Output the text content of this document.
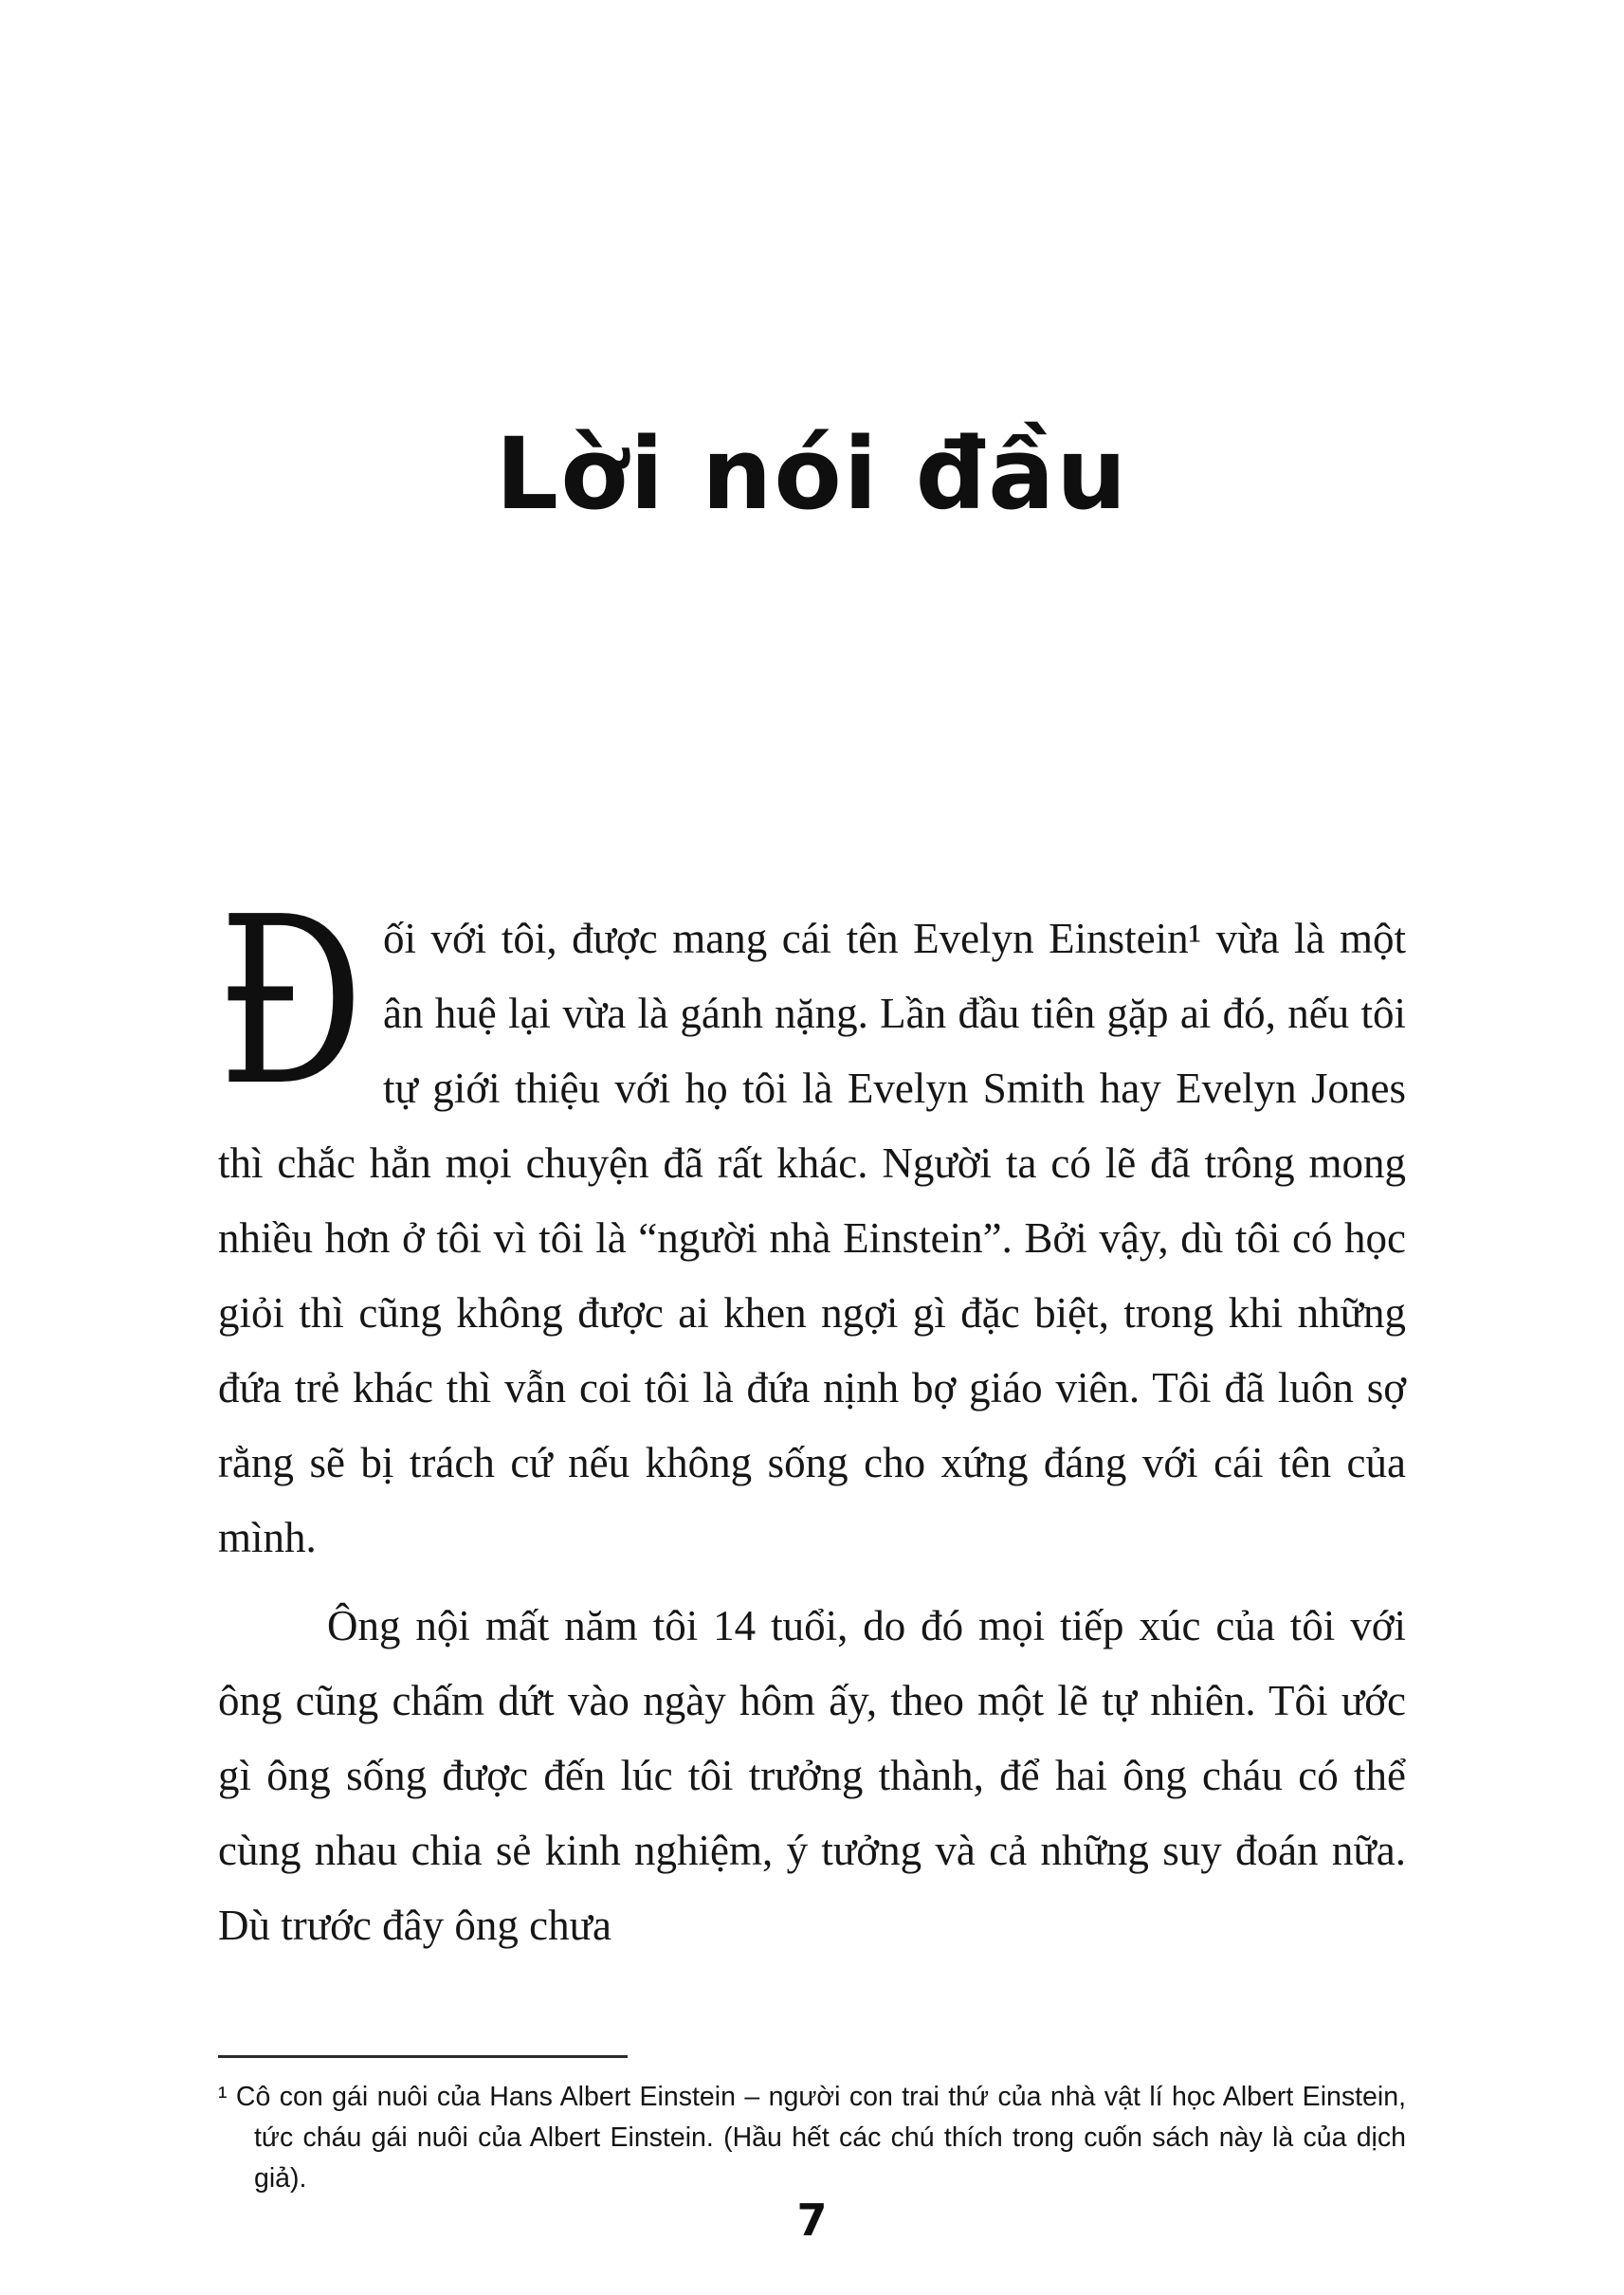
Lời nói đầu

Đối với tôi, được mang cái tên Evelyn Einstein¹ vừa là một ân huệ lại vừa là gánh nặng. Lần đầu tiên gặp ai đó, nếu tôi tự giới thiệu với họ tôi là Evelyn Smith hay Evelyn Jones thì chắc hẳn mọi chuyện đã rất khác. Người ta có lẽ đã trông mong nhiều hơn ở tôi vì tôi là “người nhà Einstein”. Bởi vậy, dù tôi có học giỏi thì cũng không được ai khen ngợi gì đặc biệt, trong khi những đứa trẻ khác thì vẫn coi tôi là đứa nịnh bợ giáo viên. Tôi đã luôn sợ rằng sẽ bị trách cứ nếu không sống cho xứng đáng với cái tên của mình.

Ông nội mất năm tôi 14 tuổi, do đó mọi tiếp xúc của tôi với ông cũng chấm dứt vào ngày hôm ấy, theo một lẽ tự nhiên. Tôi ước gì ông sống được đến lúc tôi trưởng thành, để hai ông cháu có thể cùng nhau chia sẻ kinh nghiệm, ý tưởng và cả những suy đoán nữa. Dù trước đây ông chưa

¹ Cô con gái nuôi của Hans Albert Einstein – người con trai thứ của nhà vật lí học Albert Einstein, tức cháu gái nuôi của Albert Einstein. (Hầu hết các chú thích trong cuốn sách này là của dịch giả).

7
